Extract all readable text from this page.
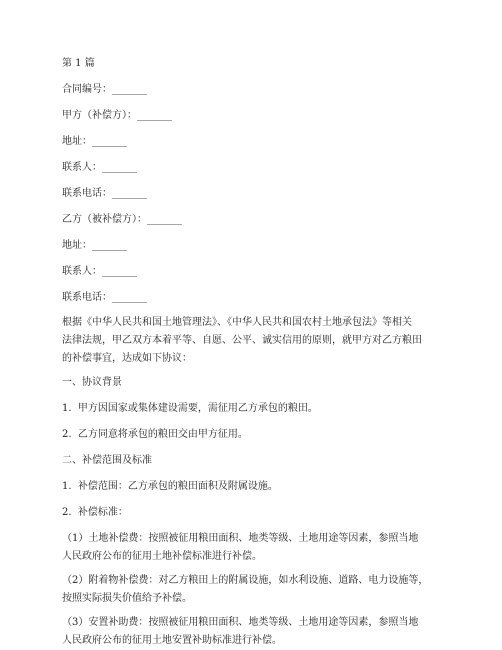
第 1 篇
合同编号：_______
甲方（补偿方）：_______
地址：_______
联系人：_______
联系电话：_______
乙方（被补偿方）：_______
地址：_______
联系人：_______
联系电话：_______
根据《中华人民共和国土地管理法》、《中华人民共和国农村土地承包法》等相关
法律法规，甲乙双方本着平等、自愿、公平、诚实信用的原则，就甲方对乙方粮田
的补偿事宜，达成如下协议：
一、协议背景
1.  甲方因国家或集体建设需要，需征用乙方承包的粮田。
2.  乙方同意将承包的粮田交由甲方征用。
二、补偿范围及标准
1.  补偿范围：乙方承包的粮田面积及附属设施。
2.  补偿标准：
（1）土地补偿费：按照被征用粮田面积、地类等级、土地用途等因素，参照当地
人民政府公布的征用土地补偿标准进行补偿。
（2）附着物补偿费：对乙方粮田上的附属设施，如水利设施、道路、电力设施等，
按照实际损失价值给予补偿。
（3）安置补助费：按照被征用粮田面积、地类等级、土地用途等因素，参照当地
人民政府公布的征用土地安置补助标准进行补偿。
